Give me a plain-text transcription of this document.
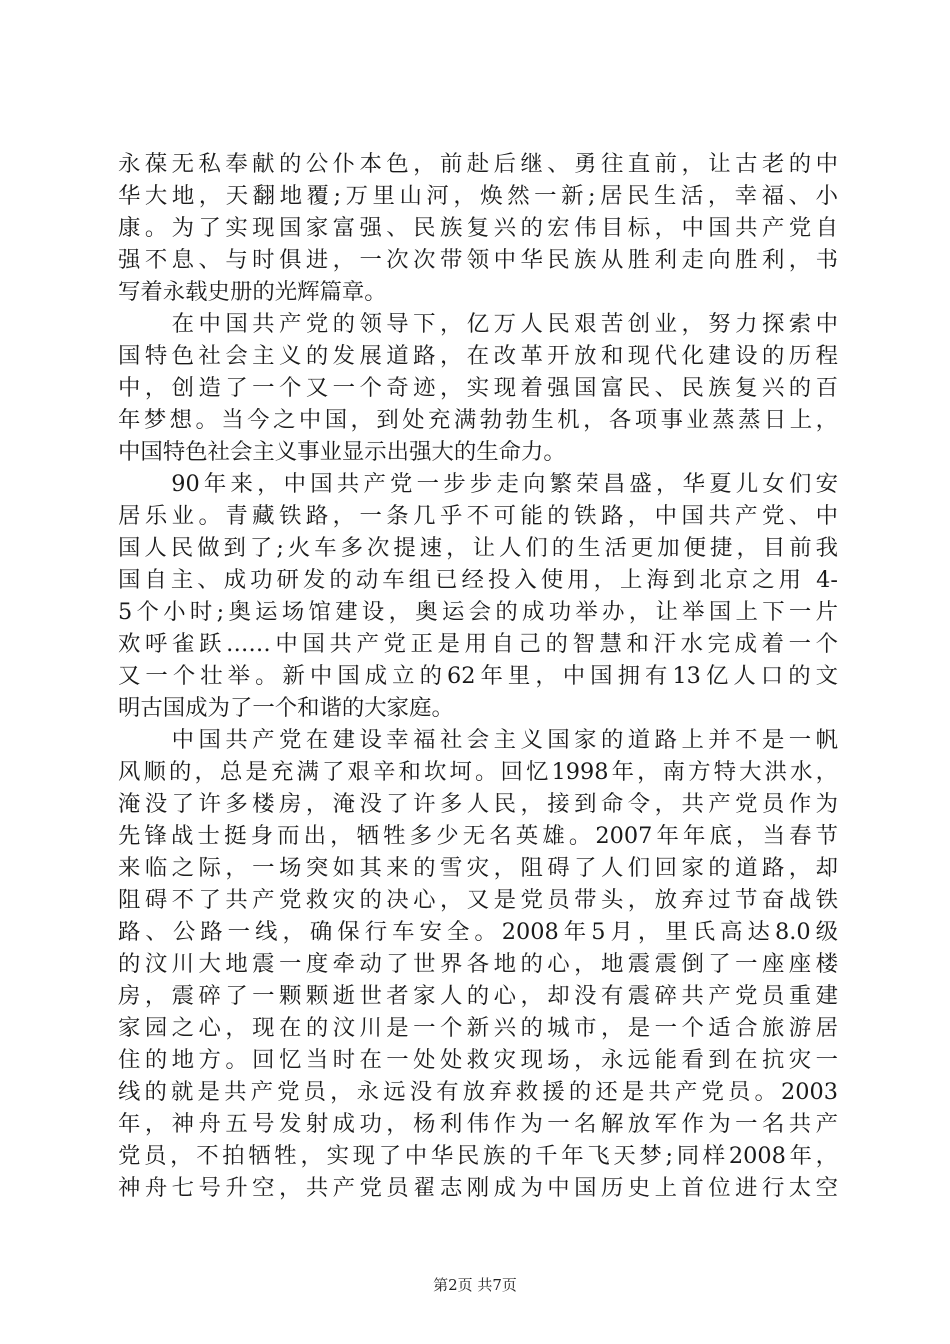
永葆无私奉献的公仆本色，前赴后继、勇往直前，让古老的中
华大地，天翻地覆;万里山河，焕然一新;居民生活，幸福、小
康。为了实现国家富强、民族复兴的宏伟目标，中国共产党自
强不息、与时俱进，一次次带领中华民族从胜利走向胜利，书
写着永载史册的光辉篇章。
　　在中国共产党的领导下，亿万人民艰苦创业，努力探索中
国特色社会主义的发展道路，在改革开放和现代化建设的历程
中，创造了一个又一个奇迹，实现着强国富民、民族复兴的百
年梦想。当今之中国，到处充满勃勃生机，各项事业蒸蒸日上，
中国特色社会主义事业显示出强大的生命力。
　　90年来，中国共产党一步步走向繁荣昌盛，华夏儿女们安
居乐业。青藏铁路，一条几乎不可能的铁路，中国共产党、中
国人民做到了;火车多次提速，让人们的生活更加便捷，目前我
国自主、成功研发的动车组已经投入使用，上海到北京之用 4-
5个小时;奥运场馆建设，奥运会的成功举办，让举国上下一片
欢呼雀跃……中国共产党正是用自己的智慧和汗水完成着一个
又一个壮举。新中国成立的62年里，中国拥有13亿人口的文
明古国成为了一个和谐的大家庭。
　　中国共产党在建设幸福社会主义国家的道路上并不是一帆
风顺的，总是充满了艰辛和坎坷。回忆1998年，南方特大洪水，
淹没了许多楼房，淹没了许多人民，接到命令，共产党员作为
先锋战士挺身而出，牺牲多少无名英雄。2007年年底，当春节
来临之际，一场突如其来的雪灾，阻碍了人们回家的道路，却
阻碍不了共产党救灾的决心，又是党员带头，放弃过节奋战铁
路、公路一线，确保行车安全。2008年5月，里氏高达8.0级
的汶川大地震一度牵动了世界各地的心，地震震倒了一座座楼
房，震碎了一颗颗逝世者家人的心，却没有震碎共产党员重建
家园之心，现在的汶川是一个新兴的城市，是一个适合旅游居
住的地方。回忆当时在一处处救灾现场，永远能看到在抗灾一
线的就是共产党员，永远没有放弃救援的还是共产党员。2003
年，神舟五号发射成功，杨利伟作为一名解放军作为一名共产
党员，不拍牺牲，实现了中华民族的千年飞天梦;同样2008年，
神舟七号升空，共产党员翟志刚成为中国历史上首位进行太空
第2页 共7页
